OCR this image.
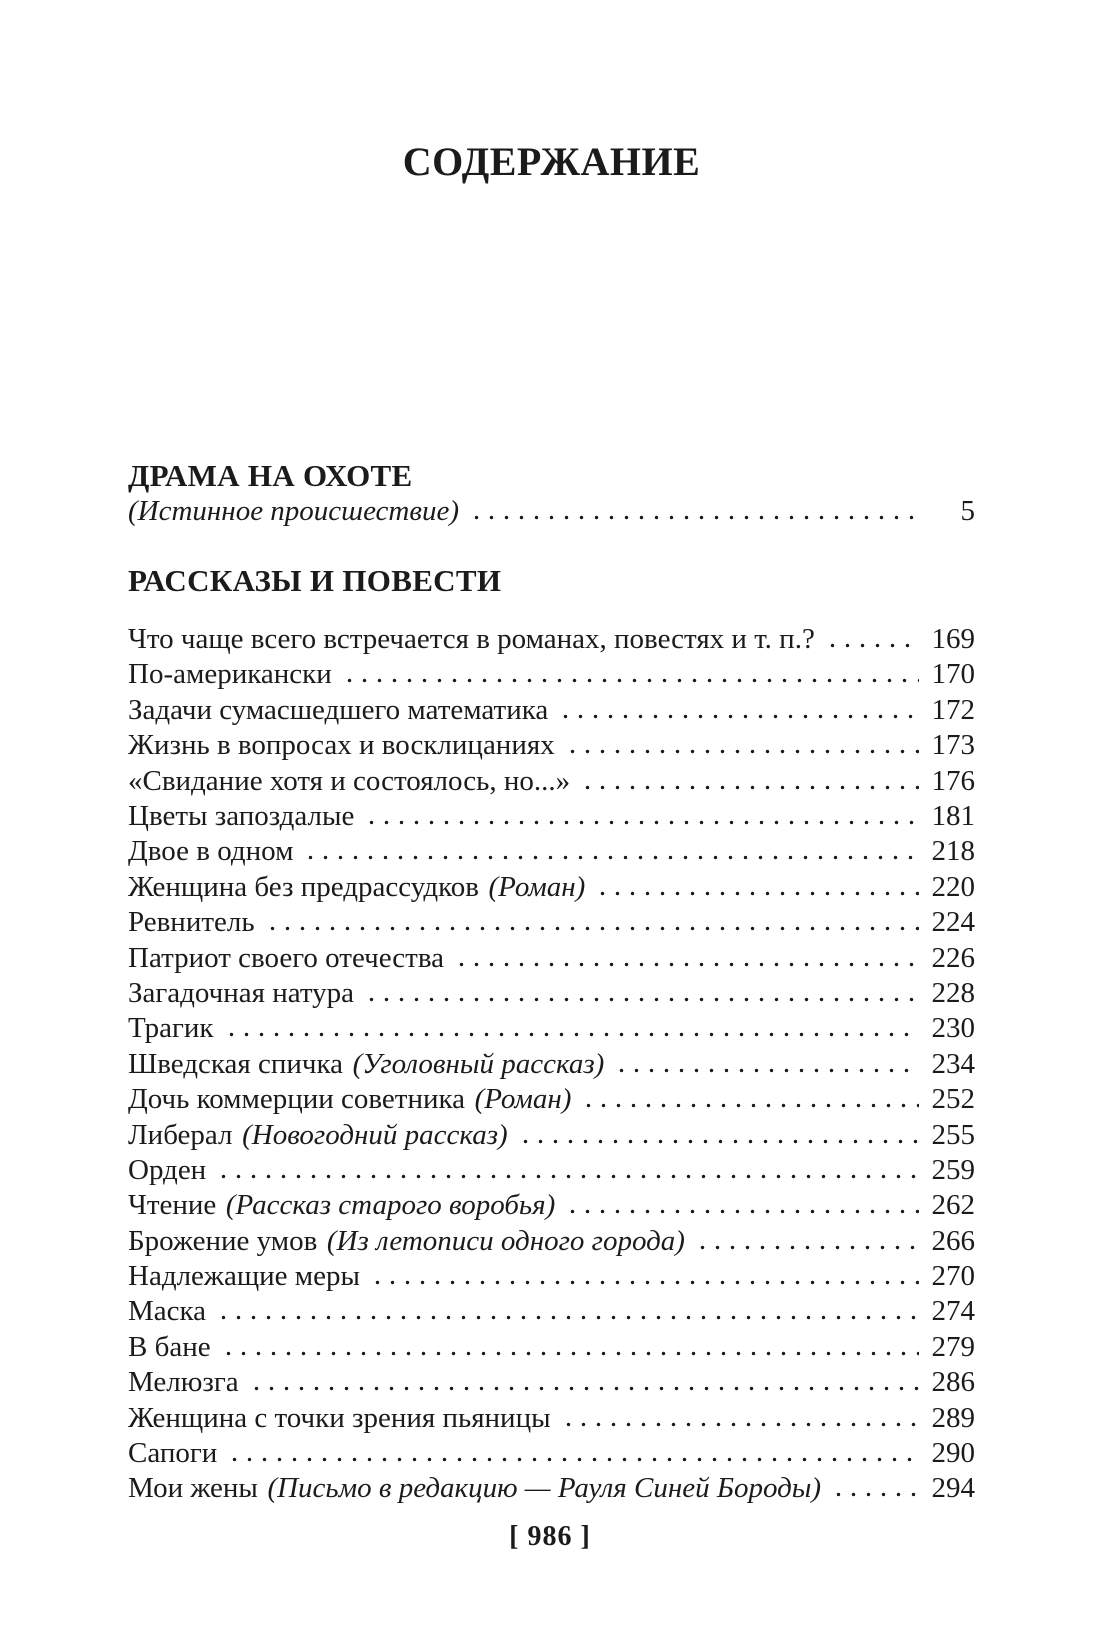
СОДЕРЖАНИЕ
ДРАМА НА ОХОТЕ
(Истинное происшествие)	5
РАССКАЗЫ И ПОВЕСТИ
Что чаще всего встречается в романах, повестях и т. п.?	169
По-американски	170
Задачи сумасшедшего математика	172
Жизнь в вопросах и восклицаниях	173
«Свидание хотя и состоялось, но...»	176
Цветы запоздалые	181
Двое в одном	218
Женщина без предрассудков (Роман)	220
Ревнитель	224
Патриот своего отечества	226
Загадочная натура	228
Трагик	230
Шведская спичка (Уголовный рассказ)	234
Дочь коммерции советника (Роман)	252
Либерал (Новогодний рассказ)	255
Орден	259
Чтение (Рассказ старого воробья)	262
Брожение умов (Из летописи одного города)	266
Надлежащие меры	270
Маска	274
В бане	279
Мелюзга	286
Женщина с точки зрения пьяницы	289
Сапоги	290
Мои жены (Письмо в редакцию — Рауля Синей Бороды)	294
[ 986 ]
